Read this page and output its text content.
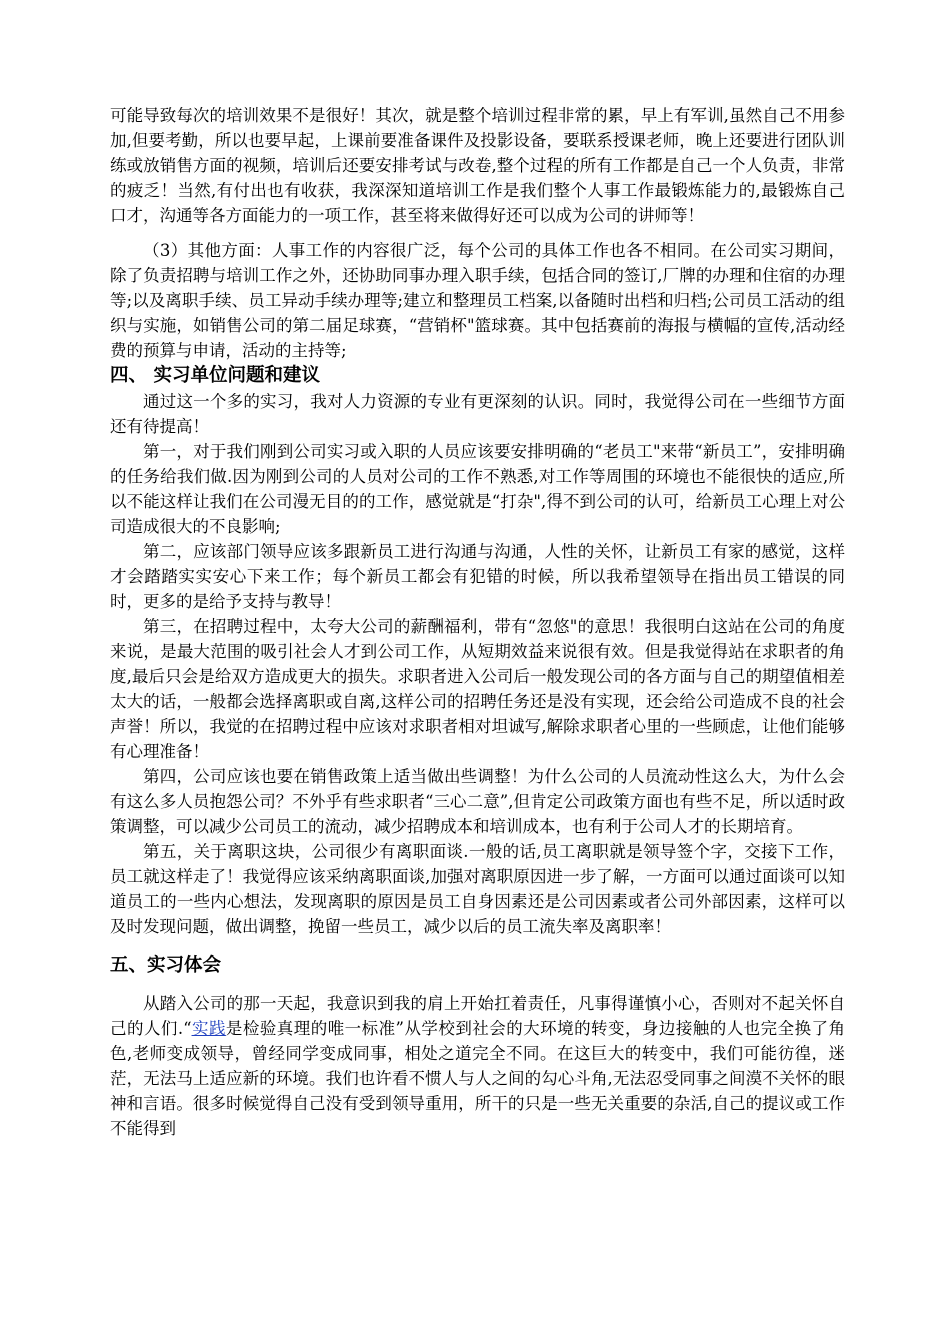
可能导致每次的培训效果不是很好！其次，就是整个培训过程非常的累，早上有军训,虽然自己不用参加,但要考勤，所以也要早起，上课前要准备课件及投影设备，要联系授课老师，晚上还要进行团队训练或放销售方面的视频，培训后还要安排考试与改卷,整个过程的所有工作都是自己一个人负责，非常的疲乏！当然,有付出也有收获，我深深知道培训工作是我们整个人事工作最锻炼能力的,最锻炼自己口才，沟通等各方面能力的一项工作，甚至将来做得好还可以成为公司的讲师等！

（3）其他方面：人事工作的内容很广泛，每个公司的具体工作也各不相同。在公司实习期间，除了负责招聘与培训工作之外，还协助同事办理入职手续，包括合同的签订,厂牌的办理和住宿的办理等;以及离职手续、员工异动手续办理等;建立和整理员工档案,以备随时出档和归档;公司员工活动的组织与实施，如销售公司的第二届足球赛，“营销杯"篮球赛。其中包括赛前的海报与横幅的宣传,活动经费的预算与申请，活动的主持等;

四、 实习单位问题和建议

通过这一个多的实习，我对人力资源的专业有更深刻的认识。同时，我觉得公司在一些细节方面还有待提高！

第一，对于我们刚到公司实习或入职的人员应该要安排明确的“老员工"来带“新员工”，安排明确的任务给我们做.因为刚到公司的人员对公司的工作不熟悉,对工作等周围的环境也不能很快的适应,所以不能这样让我们在公司漫无目的的工作，感觉就是“打杂",得不到公司的认可，给新员工心理上对公司造成很大的不良影响;

第二，应该部门领导应该多跟新员工进行沟通与沟通，人性的关怀，让新员工有家的感觉，这样才会踏踏实实安心下来工作；每个新员工都会有犯错的时候，所以我希望领导在指出员工错误的同时，更多的是给予支持与教导！

第三，在招聘过程中，太夸大公司的薪酬福利，带有“忽悠"的意思！我很明白这站在公司的角度来说，是最大范围的吸引社会人才到公司工作，从短期效益来说很有效。但是我觉得站在求职者的角度,最后只会是给双方造成更大的损失。求职者进入公司后一般发现公司的各方面与自己的期望值相差太大的话，一般都会选择离职或自离,这样公司的招聘任务还是没有实现，还会给公司造成不良的社会声誉！所以，我觉的在招聘过程中应该对求职者相对坦诚写,解除求职者心里的一些顾虑，让他们能够有心理准备！

第四，公司应该也要在销售政策上适当做出些调整！为什么公司的人员流动性这么大，为什么会有这么多人员抱怨公司？不外乎有些求职者“三心二意”,但肯定公司政策方面也有些不足，所以适时政策调整，可以减少公司员工的流动，减少招聘成本和培训成本，也有利于公司人才的长期培育。

第五，关于离职这块，公司很少有离职面谈.一般的话,员工离职就是领导签个字，交接下工作，员工就这样走了！我觉得应该采纳离职面谈,加强对离职原因进一步了解，一方面可以通过面谈可以知道员工的一些内心想法，发现离职的原因是员工自身因素还是公司因素或者公司外部因素，这样可以及时发现问题，做出调整，挽留一些员工，减少以后的员工流失率及离职率！

五、实习体会

从踏入公司的那一天起，我意识到我的肩上开始扛着责任，凡事得谨慎小心，否则对不起关怀自己的人们.“实践是检验真理的唯一标准”从学校到社会的大环境的转变，身边接触的人也完全换了角色,老师变成领导，曾经同学变成同事，相处之道完全不同。在这巨大的转变中，我们可能彷徨，迷茫，无法马上适应新的环境。我们也许看不惯人与人之间的勾心斗角,无法忍受同事之间漠不关怀的眼神和言语。很多时候觉得自己没有受到领导重用，所干的只是一些无关重要的杂活,自己的提议或工作不能得到
